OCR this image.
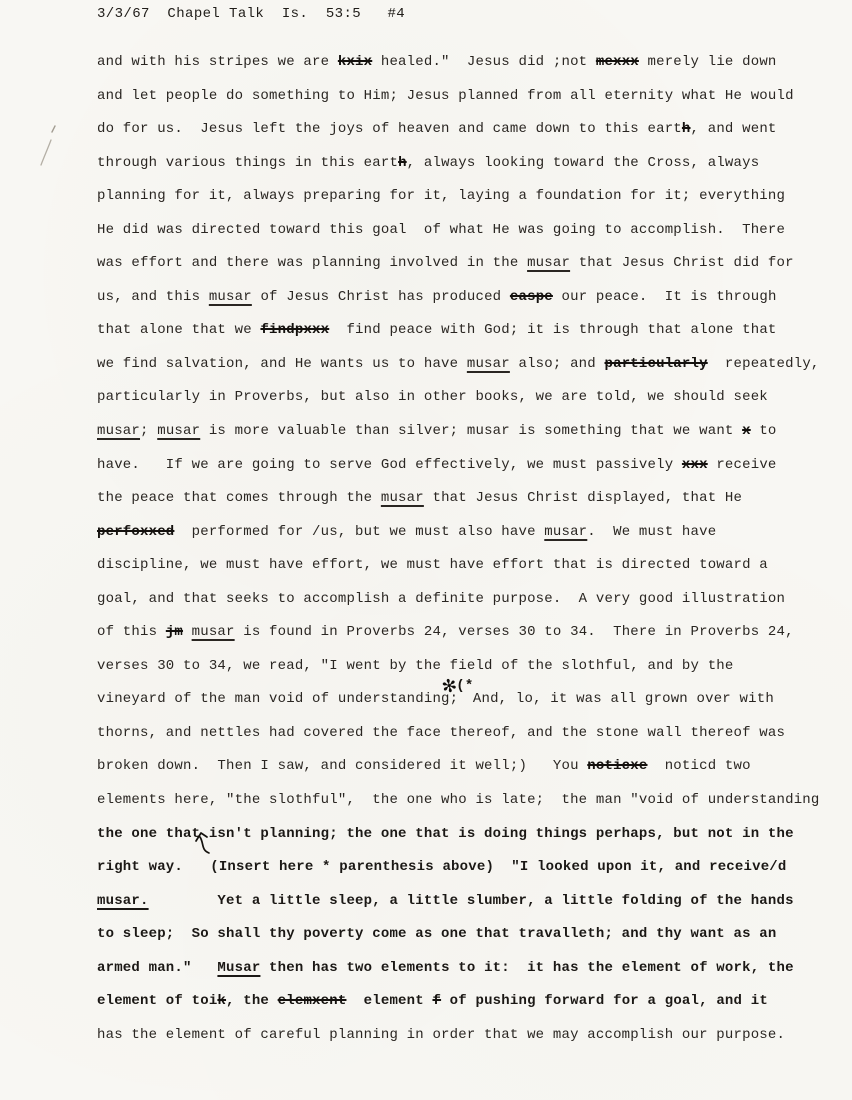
3/3/67  Chapel Talk  Is.  53:5   #4
and with his stripes we are kxix healed."  Jesus did ;not mexxx merely lie down
and let people do something to Him; Jesus planned from all eternity what He would
do for us.  Jesus left the joys of heaven and came down to this earth, and went
through various things in this earth, always looking toward the Cross, always
planning for it, always preparing for it, laying a foundation for it; everything
He did was directed toward this goal  of what He was going to accomplish.  There
was effort and there was planning involved in the musar that Jesus Christ did for
us, and this musar of Jesus Christ has produced easpe our peace.  It is through
that alone that we findpxxx  find peace with God; it is through that alone that
we find salvation, and He wants us to have musar also; and particularly  repeatedly,
particularly in Proverbs, but also in other books, we are told, we should seek
musar; musar is more valuable than silver; musar is something that we want x to
have.   If we are going to serve God effectively, we must passively xxx receive
the peace that comes through the musar that Jesus Christ displayed, that He
perfoxxed  performed for /us, but we must also have musar.  We must have
discipline, we must have effort, we must have effort that is directed toward a
goal, and that seeks to accomplish a definite purpose.  A very good illustration
of this jm musar is found in Proverbs 24, verses 30 to 34.  There in Proverbs 24,
verses 30 to 34, we read, "I went by the field of the slothful, and by the
vineyard of the man void of understanding;
✻
(*
And, lo, it was all grown over with
thorns, and nettles had covered the face thereof, and the stone wall thereof was
broken down.  Then I saw, and considered it well;)   You noticxe  noticd two
elements here, "the slothful",  the one who is late;  the man "void of understanding
the one that isn't planning; the one that is doing things perhaps, but not in the
right way.
(Insert here * parenthesis above)  "I looked upon it, and receive/d
musar.        Yet a little sleep, a little slumber, a little folding of the hands
to sleep;  So shall thy poverty come as one that travalleth; and thy want as an
armed man."   Musar then has two elements to it:  it has the element of work, the
element of toik, the elemxent  element f of pushing forward for a goal, and it
has the element of careful planning in order that we may accomplish our purpose.
